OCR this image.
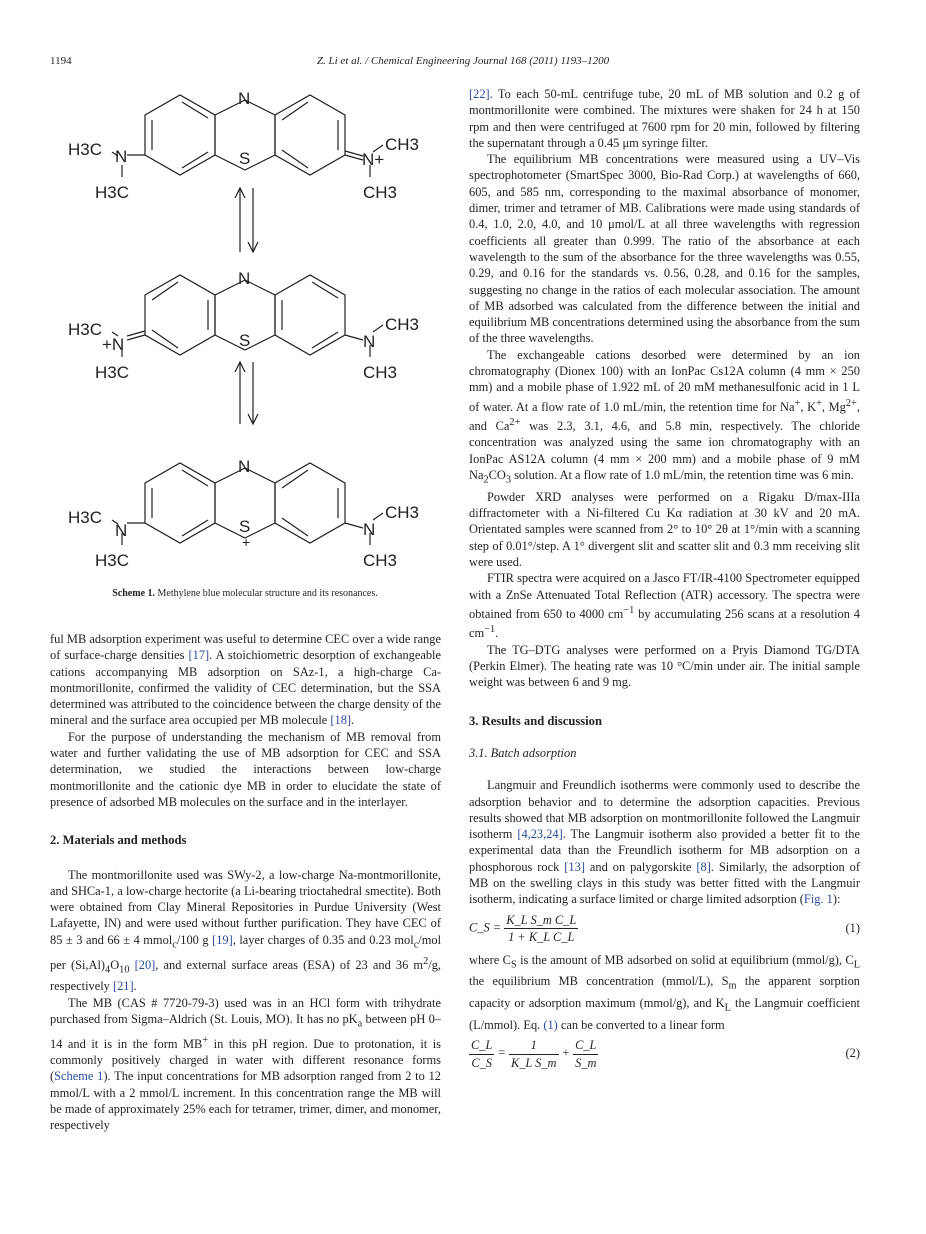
1194	Z. Li et al. / Chemical Engineering Journal 168 (2011) 1193–1200
N
S
N
H3C
H3C
N+
CH3
CH3
N
S
+N
H3C
H3C
N
CH3
CH3
N
S
+
N
H3C
H3C
N
CH3
CH3
Scheme 1. Methylene blue molecular structure and its resonances.

ful MB adsorption experiment was useful to determine CEC over a wide range of surface-charge densities [17]. A stoichiometric desorption of exchangeable cations accompanying MB adsorption on SAz-1, a high-charge Ca-montmorillonite, confirmed the validity of CEC determination, but the SSA determined was attributed to the coincidence between the charge density of the mineral and the surface area occupied per MB molecule [18].

For the purpose of understanding the mechanism of MB removal from water and further validating the use of MB adsorption for CEC and SSA determination, we studied the interactions between low-charge montmorillonite and the cationic dye MB in order to elucidate the state of presence of adsorbed MB molecules on the surface and in the interlayer.

2. Materials and methods

The montmorillonite used was SWy-2, a low-charge Na-montmorillonite, and SHCa-1, a low-charge hectorite (a Li-bearing trioctahedral smectite). Both were obtained from Clay Mineral Repositories in Purdue University (West Lafayette, IN) and were used without further purification. They have CEC of 85 ± 3 and 66 ± 4 mmol$_c$/100 g [19], layer charges of 0.35 and 0.23 mol$_c$/mol per $(Si,Al)_4O_{10}$ [20], and external surface areas (ESA) of 23 and 36 $m^2/g$, respectively [21].

The MB (CAS # 7720-79-3) used was in an HCl form with trihydrate purchased from Sigma–Aldrich (St. Louis, MO). It has no $pK_a$ between pH 0–14 and it is in the form MB+ in this pH region. Due to protonation, it is commonly positively charged in water with different resonance forms (Scheme 1). The input concentrations for MB adsorption ranged from 2 to 12 mmol/L with a 2 mmol/L increment. In this concentration range the MB will be made of approximately 25% each for tetramer, trimer, dimer, and monomer, respectively

[22]. To each 50-mL centrifuge tube, 20 mL of MB solution and 0.2 g of montmorillonite were combined. The mixtures were shaken for 24 h at 150 rpm and then were centrifuged at 7600 rpm for 20 min, followed by filtering the supernatant through a 0.45 μm syringe filter.

The equilibrium MB concentrations were measured using a UV–Vis spectrophotometer (SmartSpec 3000, Bio-Rad Corp.) at wavelengths of 660, 605, and 585 nm, corresponding to the maximal absorbance of monomer, dimer, trimer and tetramer of MB. Calibrations were made using standards of 0.4, 1.0, 2.0, 4.0, and 10 μmol/L at all three wavelengths with regression coefficients all greater than 0.999. The ratio of the absorbance at each wavelength to the sum of the absorbance for the three wavelengths was 0.55, 0.29, and 0.16 for the standards vs. 0.56, 0.28, and 0.16 for the samples, suggesting no change in the ratios of each molecular association. The amount of MB adsorbed was calculated from the difference between the initial and equilibrium MB concentrations determined using the absorbance from the sum of the three wavelengths.

The exchangeable cations desorbed were determined by an ion chromatography (Dionex 100) with an IonPac Cs12A column (4 mm × 250 mm) and a mobile phase of 1.922 mL of 20 mM methanesulfonic acid in 1 L of water. At a flow rate of 1.0 mL/min, the retention time for Na+, K+, $Mg^{2+}$, and $Ca^{2+}$ was 2.3, 3.1, 4.6, and 5.8 min, respectively. The chloride concentration was analyzed using the same ion chromatography with an IonPac AS12A column (4 mm × 200 mm) and a mobile phase of 9 mM $Na_2CO_3$ solution. At a flow rate of 1.0 mL/min, the retention time was 6 min.

Powder XRD analyses were performed on a Rigaku D/max-IIIa diffractometer with a Ni-filtered Cu Kα radiation at 30 kV and 20 mA. Orientated samples were scanned from 2° to 10° 2θ at 1°/min with a scanning step of 0.01°/step. A 1° divergent slit and scatter slit and 0.3 mm receiving slit were used.

FTIR spectra were acquired on a Jasco FT/IR-4100 Spectrometer equipped with a ZnSe Attenuated Total Reflection (ATR) accessory. The spectra were obtained from 650 to 4000 $cm^{-1}$ by accumulating 256 scans at a resolution 4 $cm^{-1}$.

The TG–DTG analyses were performed on a Pryis Diamond TG/DTA (Perkin Elmer). The heating rate was 10 °C/min under air. The initial sample weight was between 6 and 9 mg.

3. Results and discussion
3.1. Batch adsorption

Langmuir and Freundlich isotherms were commonly used to describe the adsorption behavior and to determine the adsorption capacities. Previous results showed that MB adsorption on montmorillonite followed the Langmuir isotherm [4,23,24]. The Langmuir isotherm also provided a better fit to the experimental data than the Freundlich isotherm for MB adsorption on a phosphorous rock [13] and on palygorskite [8]. Similarly, the adsorption of MB on the swelling clays in this study was better fitted with the Langmuir isotherm, indicating a surface limited or charge limited adsorption (Fig. 1):

C_S = $\frac{\text{K\_L S\_m C\_L}}{\text{1 + K\_L C\_L}}$	(1)

where $C_S$ is the amount of MB adsorbed on solid at equilibrium (mmol/g), $C_L$ the equilibrium MB concentration (mmol/L), $S_m$ the apparent sorption capacity or adsorption maximum (mmol/g), and $K_L$ the Langmuir coefficient (L/mmol). Eq. (1) can be converted to a linear form

$\frac{C\_L}{C\_S} = \frac{1}{\text{K\_L S\_m}} + \frac{C\_L}{S\_m}$	(2)
